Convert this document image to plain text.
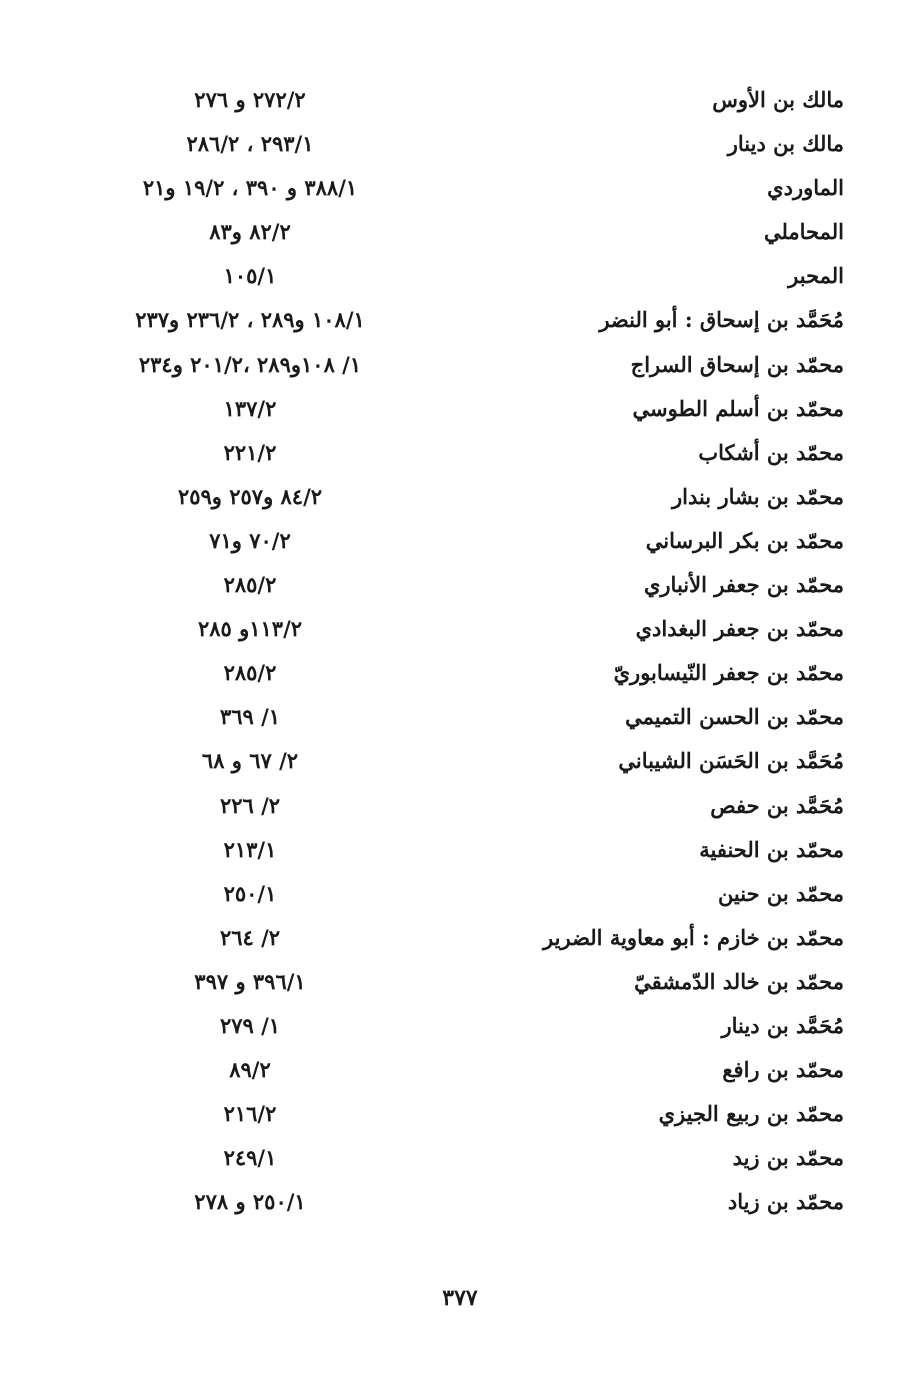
مالك بن الأوس
٢٧٢/٢ و ٢٧٦
مالك بن دينار
٢٩٣/١ ، ٢٨٦/٢
الماوردي
٣٨٨/١ و ٣٩٠ ، ١٩/٢ و٢١
المحاملي
٨٢/٢ و٨٣
المحبر
١٠٥/١
مُحَمَّد بن إسحاق : أبو النضر
١٠٨/١ و٢٨٩ ، ٢٣٦/٢ و٢٣٧
محمّد بن إسحاق السراج
١/ ١٠٨و٢٨٩ ،٢٠١/٢ و٢٣٤
محمّد بن أسلم الطوسي
١٣٧/٢
محمّد بن أشكاب
٢٢١/٢
محمّد بن بشار بندار
٨٤/٢ و٢٥٧ و٢٥٩
محمّد بن بكر البرساني
٧٠/٢ و٧١
محمّد بن جعفر الأنباري
٢٨٥/٢
محمّد بن جعفر البغدادي
١١٣/٢و ٢٨٥
محمّد بن جعفر النّيسابوريّ
٢٨٥/٢
محمّد بن الحسن التميمي
١/ ٣٦٩
مُحَمَّد بن الحَسَن الشيباني
٢/ ٦٧ و ٦٨
مُحَمَّد بن حفص
٢/ ٢٢٦
محمّد بن الحنفية
٢١٣/١
محمّد بن حنين
٢٥٠/١
محمّد بن خازم : أبو معاوية الضرير
٢/ ٢٦٤
محمّد بن خالد الدّمشقيّ
٣٩٦/١ و ٣٩٧
مُحَمَّد بن دينار
١/ ٢٧٩
محمّد بن رافع
٨٩/٢
محمّد بن ربيع الجيزي
٢١٦/٢
محمّد بن زيد
٢٤٩/١
محمّد بن زياد
٢٥٠/١ و ٢٧٨
٣٧٧
